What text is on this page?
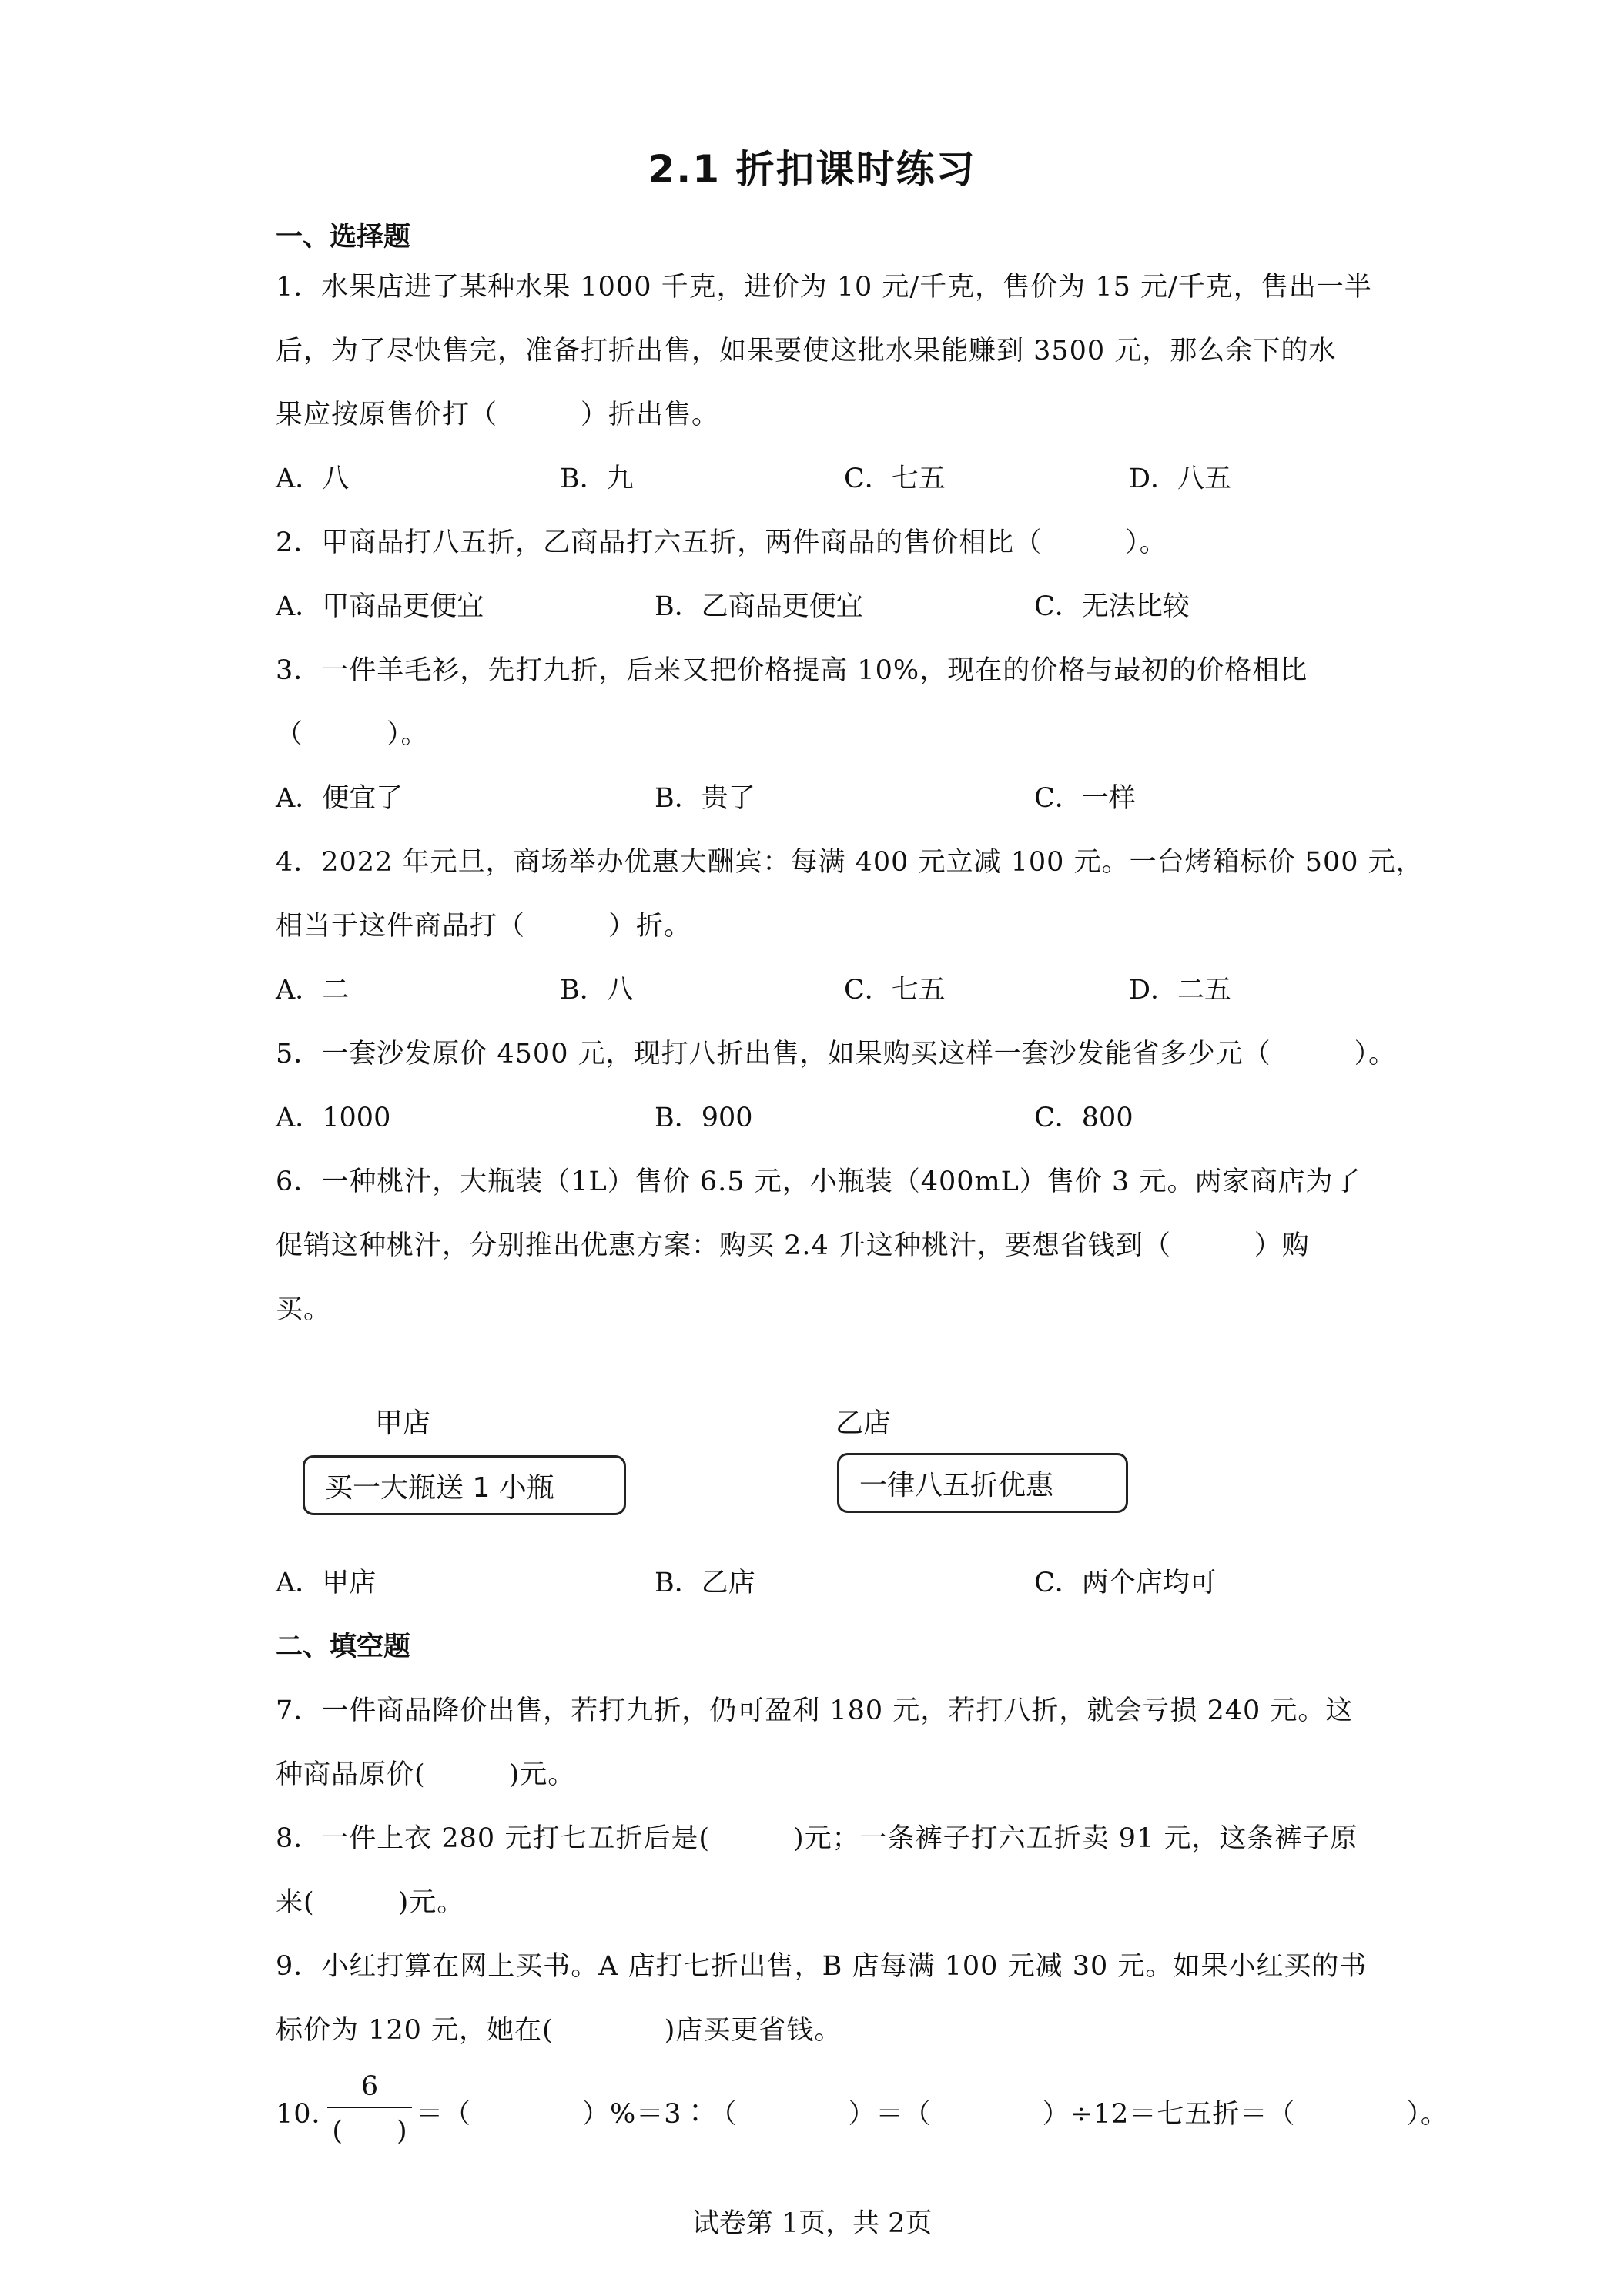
2.1 折扣课时练习
一、选择题
1．水果店进了某种水果 1000 千克，进价为 10 元/千克，售价为 15 元/千克，售出一半
后，为了尽快售完，准备打折出售，如果要使这批水果能赚到 3500 元，那么余下的水
果应按原售价打（　　　）折出售。
A．八	B．九	C．七五	D．八五
2．甲商品打八五折，乙商品打六五折，两件商品的售价相比（　　　）。
A．甲商品更便宜	B．乙商品更便宜	C．无法比较
3．一件羊毛衫，先打九折，后来又把价格提高 10%，现在的价格与最初的价格相比
（　　　）。
A．便宜了	B．贵了	C．一样
4．2022 年元旦，商场举办优惠大酬宾：每满 400 元立减 100 元。一台烤箱标价 500 元，
相当于这件商品打（　　　）折。
A．二	B．八	C．七五	D．二五
5．一套沙发原价 4500 元，现打八折出售，如果购买这样一套沙发能省多少元（　　　）。
A．1000	B．900	C．800
6．一种桃汁，大瓶装（1L）售价 6.5 元，小瓶装（400mL）售价 3 元。两家商店为了
促销这种桃汁，分别推出优惠方案：购买 2.4 升这种桃汁，要想省钱到（　　　）购
买。
甲店
买一大瓶送 1 小瓶
乙店
一律八五折优惠
A．甲店	B．乙店	C．两个店均可
二、填空题
7．一件商品降价出售，若打九折，仍可盈利 180 元，若打八折，就会亏损 240 元。这
种商品原价(　　　)元。
8．一件上衣 280 元打七五折后是(　　　)元；一条裤子打六五折卖 91 元，这条裤子原
来(　　　)元。
9．小红打算在网上买书。A 店打七折出售，B 店每满 100 元减 30 元。如果小红买的书
标价为 120 元，她在(　　　　)店买更省钱。
10．
6
(　　)
＝（　　　　）%＝3∶（　　　　）＝（　　　　）÷12＝七五折＝（　　　　）。
试卷第 1页，共 2页
